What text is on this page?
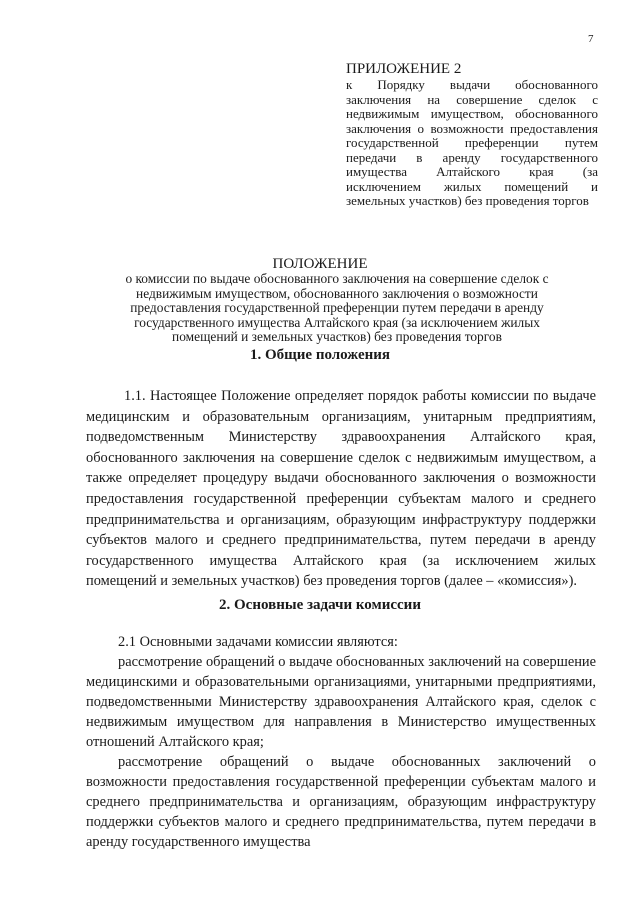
7
ПРИЛОЖЕНИЕ 2

к Порядку выдачи обоснованного заключения на совершение сделок с недвижимым имуществом, обоснованного заключения о возможности предоставления государственной преференции путем передачи в аренду государственного имущества Алтайского края (за исключением жилых помещений и земельных участков) без проведения торгов

ПОЛОЖЕНИЕ

о комиссии по выдаче обоснованного заключения на совершение сделок с недвижимым имуществом, обоснованного заключения о возможности предоставления государственной преференции путем передачи в аренду государственного имущества Алтайского края (за исключением жилых помещений и земельных участков) без проведения торгов

1. Общие положения

1.1. Настоящее Положение определяет порядок работы комиссии по выдаче медицинским и образовательным организациям, унитарным предприятиям, подведомственным Министерству здравоохранения Алтайского края, обоснованного заключения на совершение сделок с недвижимым имуществом, а также определяет процедуру выдачи обоснованного заключения о возможности предоставления государственной преференции субъектам малого и среднего предпринимательства и организациям, образующим инфраструктуру поддержки субъектов малого и среднего предпринимательства, путем передачи в аренду государственного имущества Алтайского края (за исключением жилых помещений и земельных участков) без проведения торгов (далее – «комиссия»).

2. Основные задачи комиссии

2.1 Основными задачами комиссии являются:

рассмотрение обращений о выдаче обоснованных заключений на совершение медицинскими и образовательными организациями, унитарными предприятиями, подведомственными Министерству здравоохранения Алтайского края, сделок с недвижимым имуществом для направления в Министерство имущественных отношений Алтайского края;

рассмотрение обращений о выдаче обоснованных заключений о возможности предоставления государственной преференции субъектам малого и среднего предпринимательства и организациям, образующим инфраструктуру поддержки субъектов малого и среднего предпринимательства, путем передачи в аренду государственного имущества
